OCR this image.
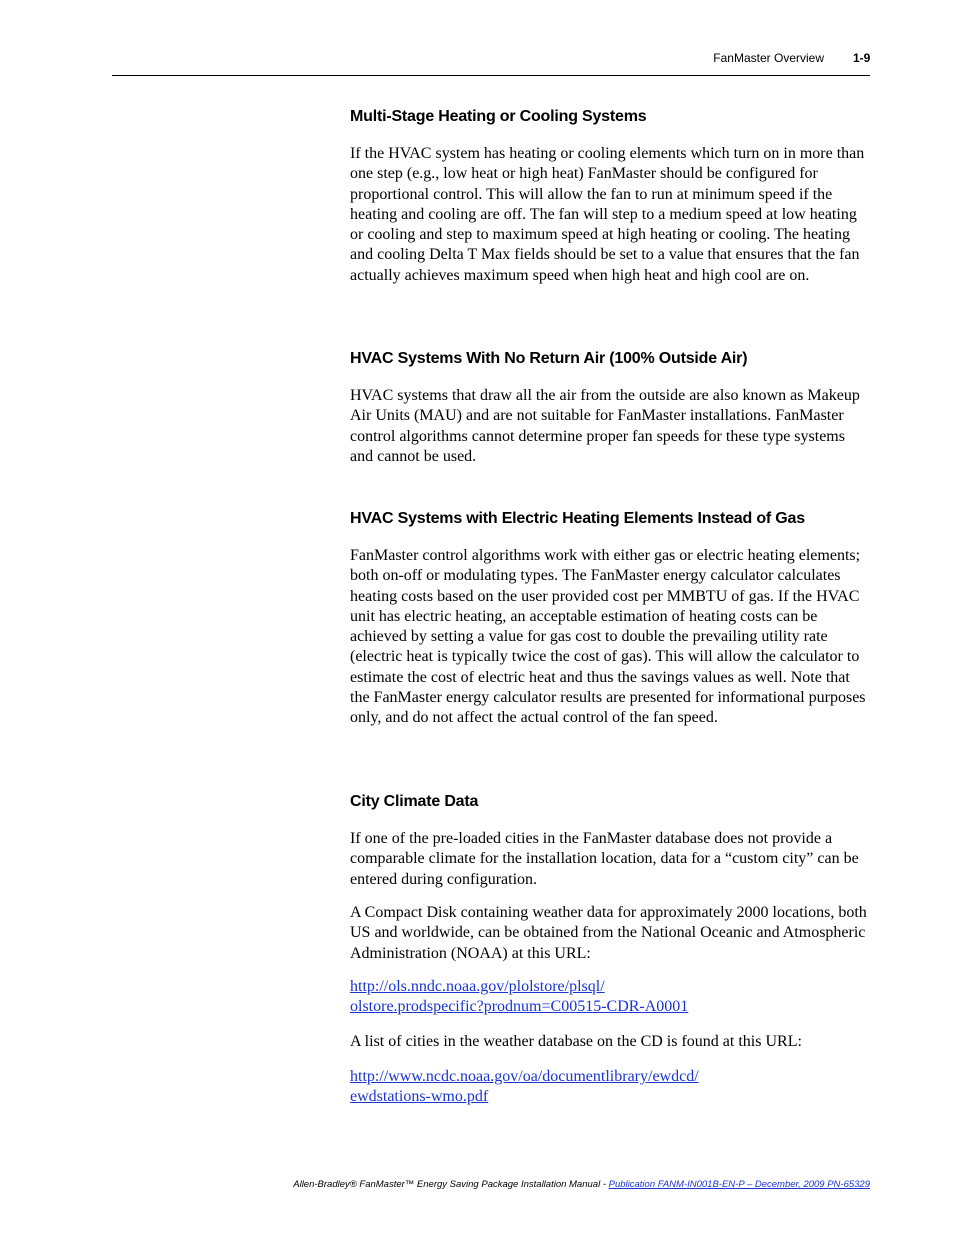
FanMaster Overview 1-9
Multi-Stage Heating or Cooling Systems

If the HVAC system has heating or cooling elements which turn on in more than one step (e.g., low heat or high heat) FanMaster should be configured for proportional control. This will allow the fan to run at minimum speed if the heating and cooling are off. The fan will step to a medium speed at low heating or cooling and step to maximum speed at high heating or cooling. The heating and cooling Delta T Max fields should be set to a value that ensures that the fan actually achieves maximum speed when high heat and high cool are on.

HVAC Systems With No Return Air (100% Outside Air)

HVAC systems that draw all the air from the outside are also known as Makeup Air Units (MAU) and are not suitable for FanMaster installations. FanMaster control algorithms cannot determine proper fan speeds for these type systems and cannot be used.

HVAC Systems with Electric Heating Elements Instead of Gas

FanMaster control algorithms work with either gas or electric heating elements; both on-off or modulating types. The FanMaster energy calculator calculates heating costs based on the user provided cost per MMBTU of gas. If the HVAC unit has electric heating, an acceptable estimation of heating costs can be achieved by setting a value for gas cost to double the prevailing utility rate (electric heat is typically twice the cost of gas). This will allow the calculator to estimate the cost of electric heat and thus the savings values as well. Note that the FanMaster energy calculator results are presented for informational purposes only, and do not affect the actual control of the fan speed.

City Climate Data

If one of the pre-loaded cities in the FanMaster database does not provide a comparable climate for the installation location, data for a “custom city” can be entered during configuration.

A Compact Disk containing weather data for approximately 2000 locations, both US and worldwide, can be obtained from the National Oceanic and Atmospheric Administration (NOAA) at this URL:

http://ols.nndc.noaa.gov/plolstore/plsql/
olstore.prodspecific?prodnum=C00515-CDR-A0001

A list of cities in the weather database on the CD is found at this URL:

http://www.ncdc.noaa.gov/oa/documentlibrary/ewdcd/
ewdstations-wmo.pdf

Allen-Bradley® FanMaster™ Energy Saving Package Installation Manual - Publication FANM-IN001B-EN-P – December, 2009 PN-65329
